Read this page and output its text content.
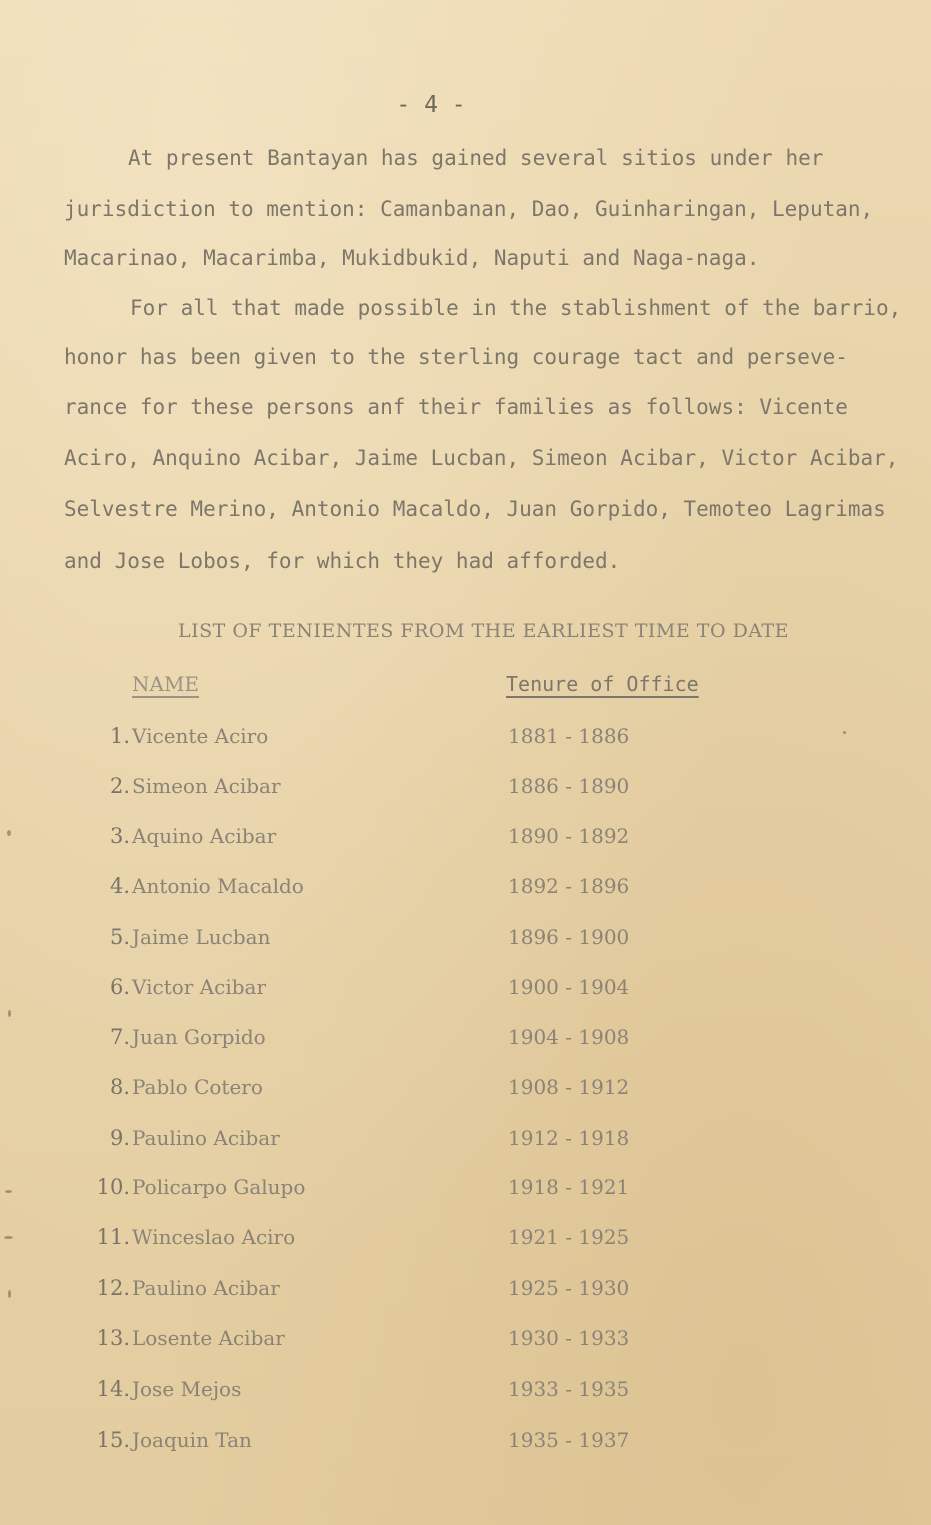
- 4 -
At present Bantayan has gained several sitios under her
jurisdiction to mention: Camanbanan, Dao, Guinharingan, Leputan,
Macarinao, Macarimba, Mukidbukid, Naputi and Naga-naga.
For all that made possible in the stablishment of the barrio,
honor has been given to the sterling courage tact and perseve-
rance for these persons anf their families as follows: Vicente
Aciro, Anquino Acibar, Jaime Lucban, Simeon Acibar, Victor Acibar,
Selvestre Merino, Antonio Macaldo, Juan Gorpido, Temoteo Lagrimas
and Jose Lobos, for which they had afforded.
LIST OF TENIENTES FROM THE EARLIEST TIME TO DATE
NAME	Tenure of Office
1. Vicente Aciro	1881 - 1886
2. Simeon Acibar	1886 - 1890
3. Aquino Acibar	1890 - 1892
4. Antonio Macaldo	1892 - 1896
5. Jaime Lucban	1896 - 1900
6. Victor Acibar	1900 - 1904
7. Juan Gorpido	1904 - 1908
8. Pablo Cotero	1908 - 1912
9. Paulino Acibar	1912 - 1918
10. Policarpo Galupo	1918 - 1921
11. Winceslao Aciro	1921 - 1925
12. Paulino Acibar	1925 - 1930
13. Losente Acibar	1930 - 1933
14. Jose Mejos	1933 - 1935
15. Joaquin Tan	1935 - 1937
